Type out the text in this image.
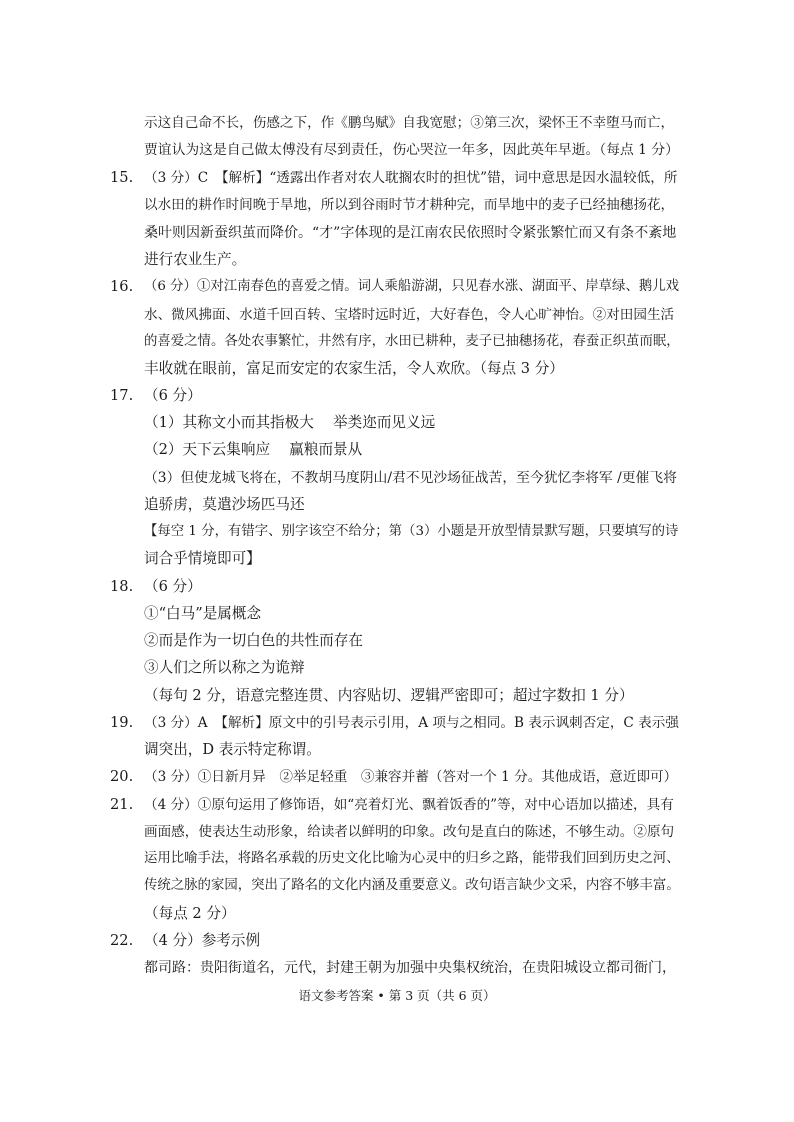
示这自己命不长，伤感之下，作《鹏鸟赋》自我宽慰；③第三次，梁怀王不幸堕马而亡，
贾谊认为这是自己做太傅没有尽到责任，伤心哭泣一年多，因此英年早逝。（每点 1 分）
15. （3 分）C　【解析】“透露出作者对农人耽搁农时的担忧”错，词中意思是因水温较低，所
以水田的耕作时间晚于旱地，所以到谷雨时节才耕种完，而旱地中的麦子已经抽穗扬花，
桑叶则因新蚕织茧而降价。“才”字体现的是江南农民依照时令紧张繁忙而又有条不紊地
进行农业生产。
16. （6 分）①对江南春色的喜爱之情。词人乘船游湖，只见春水涨、湖面平、岸草绿、鹅儿戏
水、微风拂面、水道千回百转、宝塔时远时近，大好春色，令人心旷神怡。②对田园生活
的喜爱之情。各处农事繁忙，井然有序，水田已耕种，麦子已抽穗扬花，春蚕正织茧而眠，
丰收就在眼前，富足而安定的农家生活，令人欢欣。（每点 3 分）
17. （6 分）
（1）其称文小而其指极大　 举类迩而见义远
（2）天下云集响应　 赢粮而景从
（3）但使龙城飞将在，不教胡马度阴山/君不见沙场征战苦，至今犹忆李将军 /更催飞将
追骄虏，莫遣沙场匹马还
【每空 1 分，有错字、别字该空不给分；第（3）小题是开放型情景默写题，只要填写的诗
词合乎情境即可】
18. （6 分）
①“白马”是属概念
②而是作为一切白色的共性而存在
③人们之所以称之为诡辩
（每句 2 分，语意完整连贯、内容贴切、逻辑严密即可；超过字数扣 1 分）
19. （3 分）A　【解析】原文中的引号表示引用，A 项与之相同。B 表示讽刺否定，C 表示强
调突出，D 表示特定称谓。
20. （3 分）①日新月异　②举足轻重　③兼容并蓄（答对一个 1 分。其他成语，意近即可）
21. （4 分）①原句运用了修饰语，如“亮着灯光、飘着饭香的”等，对中心语加以描述，具有
画面感，使表达生动形象，给读者以鲜明的印象。改句是直白的陈述，不够生动。②原句
运用比喻手法，将路名承载的历史文化比喻为心灵中的归乡之路，能带我们回到历史之河、
传统之脉的家园，突出了路名的文化内涵及重要意义。改句语言缺少文采，内容不够丰富。
（每点 2 分）
22. （4 分）参考示例
都司路：贵阳街道名，元代，封建王朝为加强中央集权统治，在贵阳城设立都司衙门，
语文参考答案 • 第 3 页（共 6 页）
